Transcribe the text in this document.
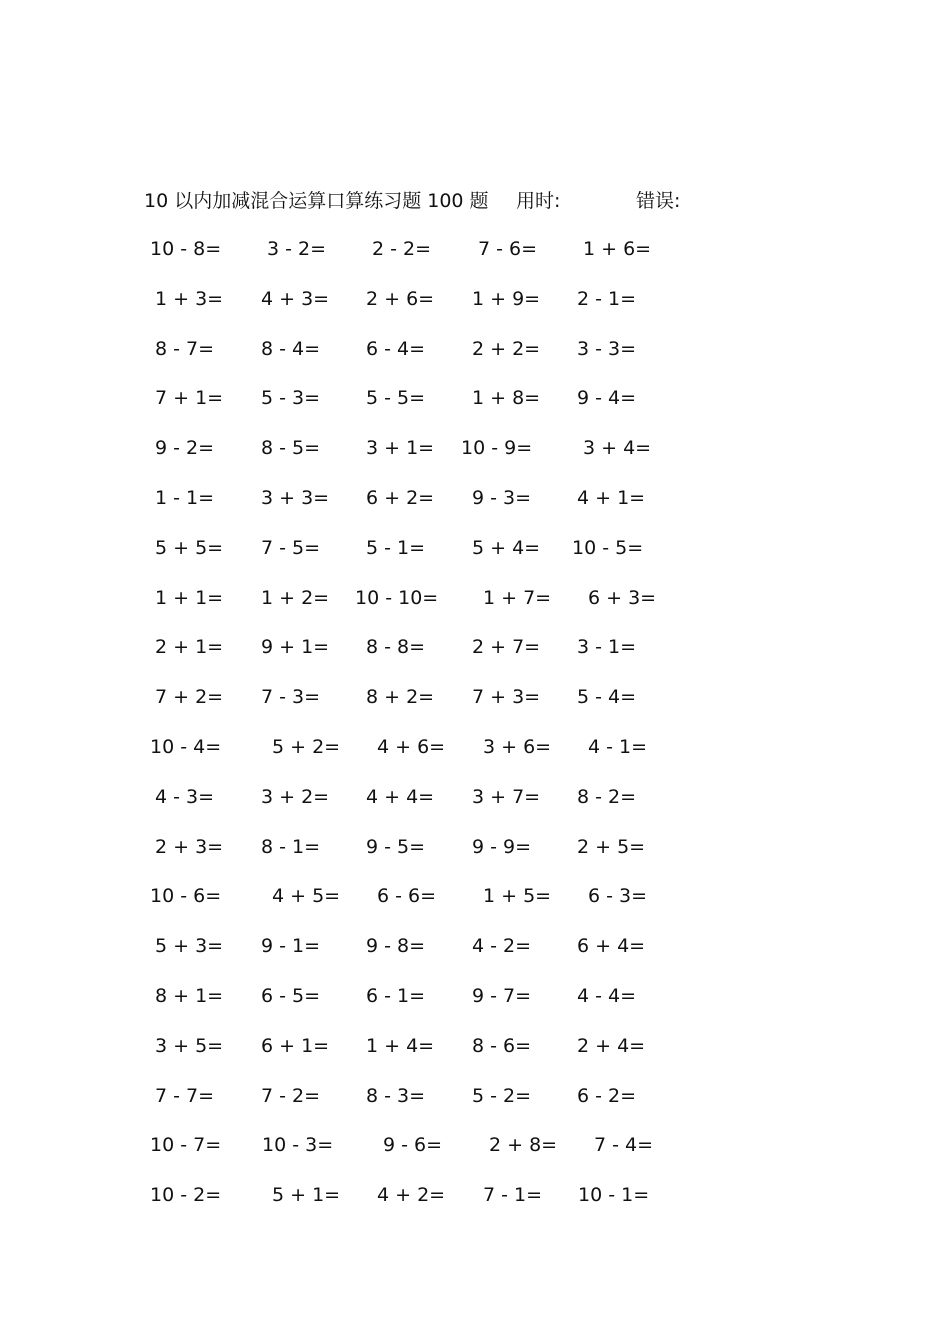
10 以内加减混合运算口算练习题 100 题 用时:	错误:
10 - 8= 3 - 2= 2 - 2= 7 - 6= 1 + 6=
1 + 3= 4 + 3= 2 + 6= 1 + 9= 2 - 1=
8 - 7= 8 - 4= 6 - 4= 2 + 2= 3 - 3=
7 + 1= 5 - 3= 5 - 5= 1 + 8= 9 - 4=
9 - 2= 8 - 5= 3 + 1= 10 - 9=	3 + 4=
1 - 1= 3 + 3= 6 + 2= 9 - 3= 4 + 1=
5 + 5= 7 - 5= 5 - 1= 5 + 4= 10 - 5=
1 + 1= 1 + 2= 10 - 10= 1 + 7= 6 + 3=
2 + 1= 9 + 1= 8 - 8= 2 + 7= 3 - 1=
7 + 2= 7 - 3= 8 + 2= 7 + 3= 5 - 4=
10 - 4=	5 + 2= 4 + 6= 3 + 6= 4 - 1=
4 - 3= 3 + 2= 4 + 4= 3 + 7= 8 - 2=
2 + 3= 8 - 1= 9 - 5= 9 - 9= 2 + 5=
10 - 6=	4 + 5= 6 - 6= 1 + 5= 6 - 3=
5 + 3= 9 - 1= 9 - 8= 4 - 2= 6 + 4=
8 + 1= 6 - 5= 6 - 1= 9 - 7= 4 - 4=
3 + 5= 6 + 1= 1 + 4= 8 - 6= 2 + 4=
7 - 7= 7 - 2= 8 - 3= 5 - 2= 6 - 2=
10 - 7= 10 - 3=	9 - 6= 2 + 8= 7 - 4=
10 - 2=	5 + 1= 4 + 2= 7 - 1= 10 - 1=
